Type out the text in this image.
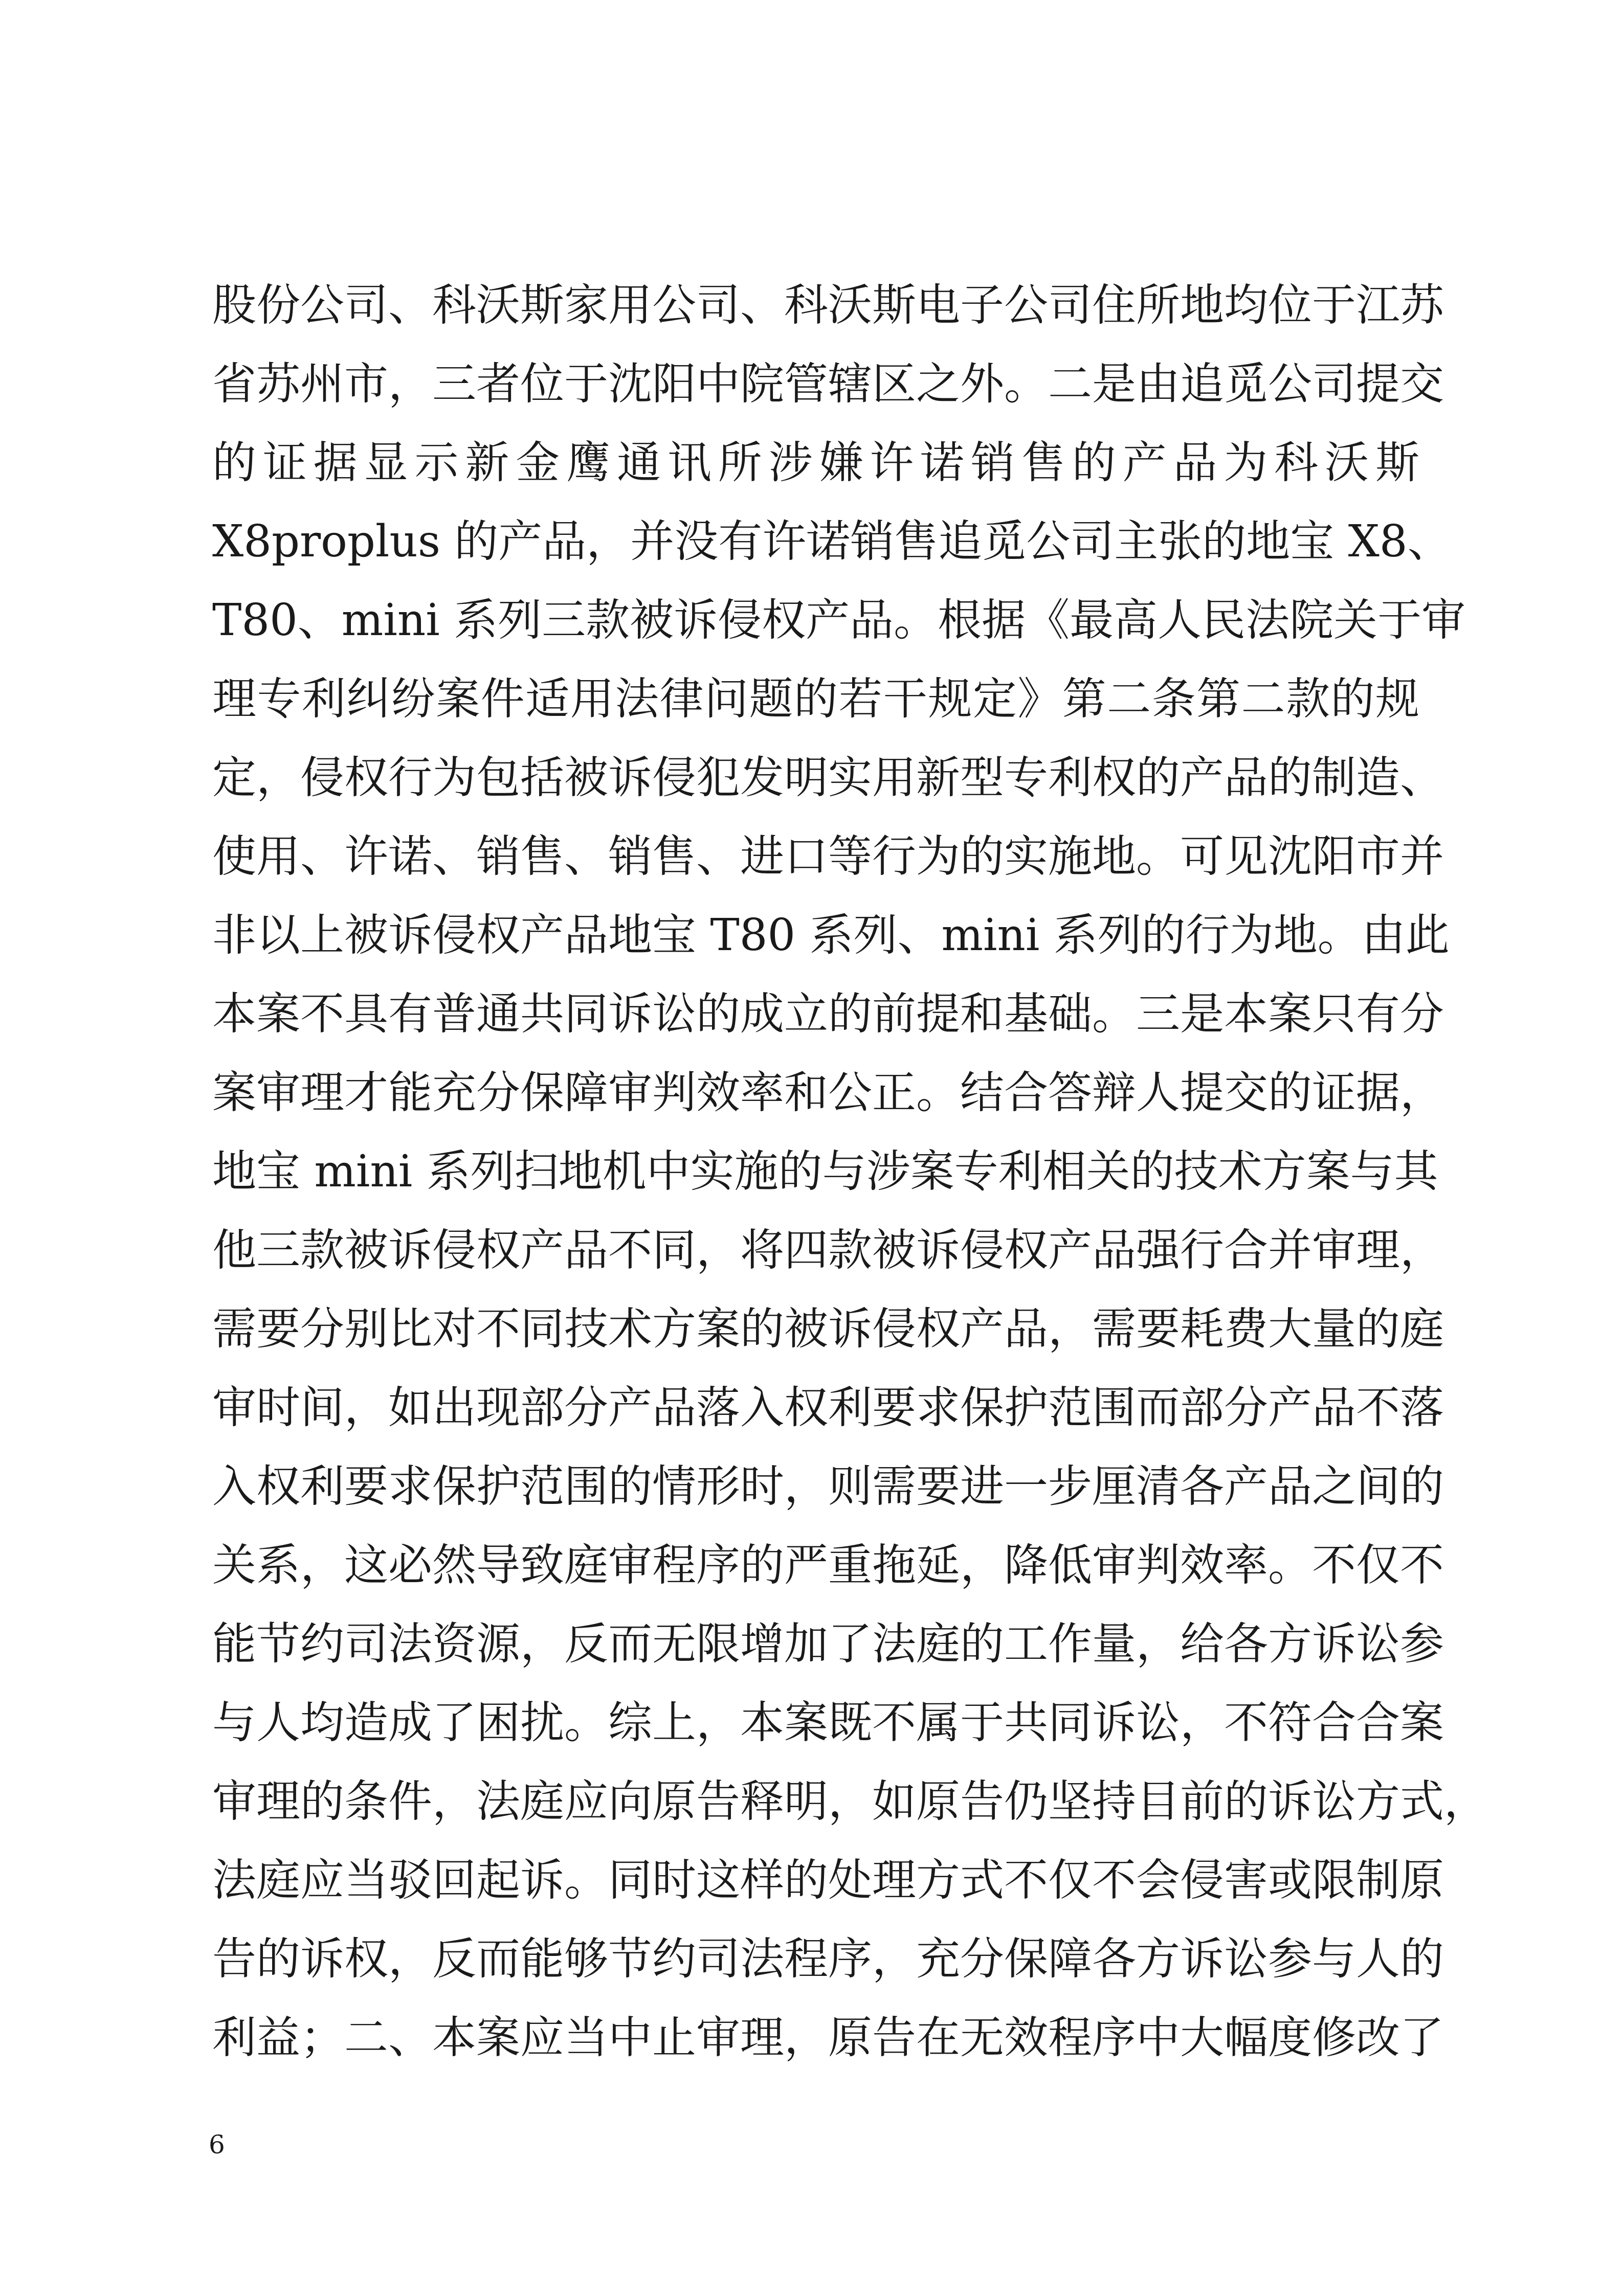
股份公司、科沃斯家用公司、科沃斯电子公司住所地均位于江苏
省苏州市，三者位于沈阳中院管辖区之外。二是由追觅公司提交
的证据显示新金鹰通讯所涉嫌许诺销售的产品为科沃斯
X8proplus 的产品，并没有许诺销售追觅公司主张的地宝 X8、
T80、mini 系列三款被诉侵权产品。根据《最高人民法院关于审
理专利纠纷案件适用法律问题的若干规定》第二条第二款的规
定，侵权行为包括被诉侵犯发明实用新型专利权的产品的制造、
使用、许诺、销售、销售、进口等行为的实施地。可见沈阳市并
非以上被诉侵权产品地宝 T80 系列、mini 系列的行为地。由此
本案不具有普通共同诉讼的成立的前提和基础。三是本案只有分
案审理才能充分保障审判效率和公正。结合答辩人提交的证据，
地宝 mini 系列扫地机中实施的与涉案专利相关的技术方案与其
他三款被诉侵权产品不同，将四款被诉侵权产品强行合并审理，
需要分别比对不同技术方案的被诉侵权产品，需要耗费大量的庭
审时间，如出现部分产品落入权利要求保护范围而部分产品不落
入权利要求保护范围的情形时，则需要进一步厘清各产品之间的
关系，这必然导致庭审程序的严重拖延，降低审判效率。不仅不
能节约司法资源，反而无限增加了法庭的工作量，给各方诉讼参
与人均造成了困扰。综上，本案既不属于共同诉讼，不符合合案
审理的条件，法庭应向原告释明，如原告仍坚持目前的诉讼方式，
法庭应当驳回起诉。同时这样的处理方式不仅不会侵害或限制原
告的诉权，反而能够节约司法程序，充分保障各方诉讼参与人的
利益；二、本案应当中止审理，原告在无效程序中大幅度修改了
6
